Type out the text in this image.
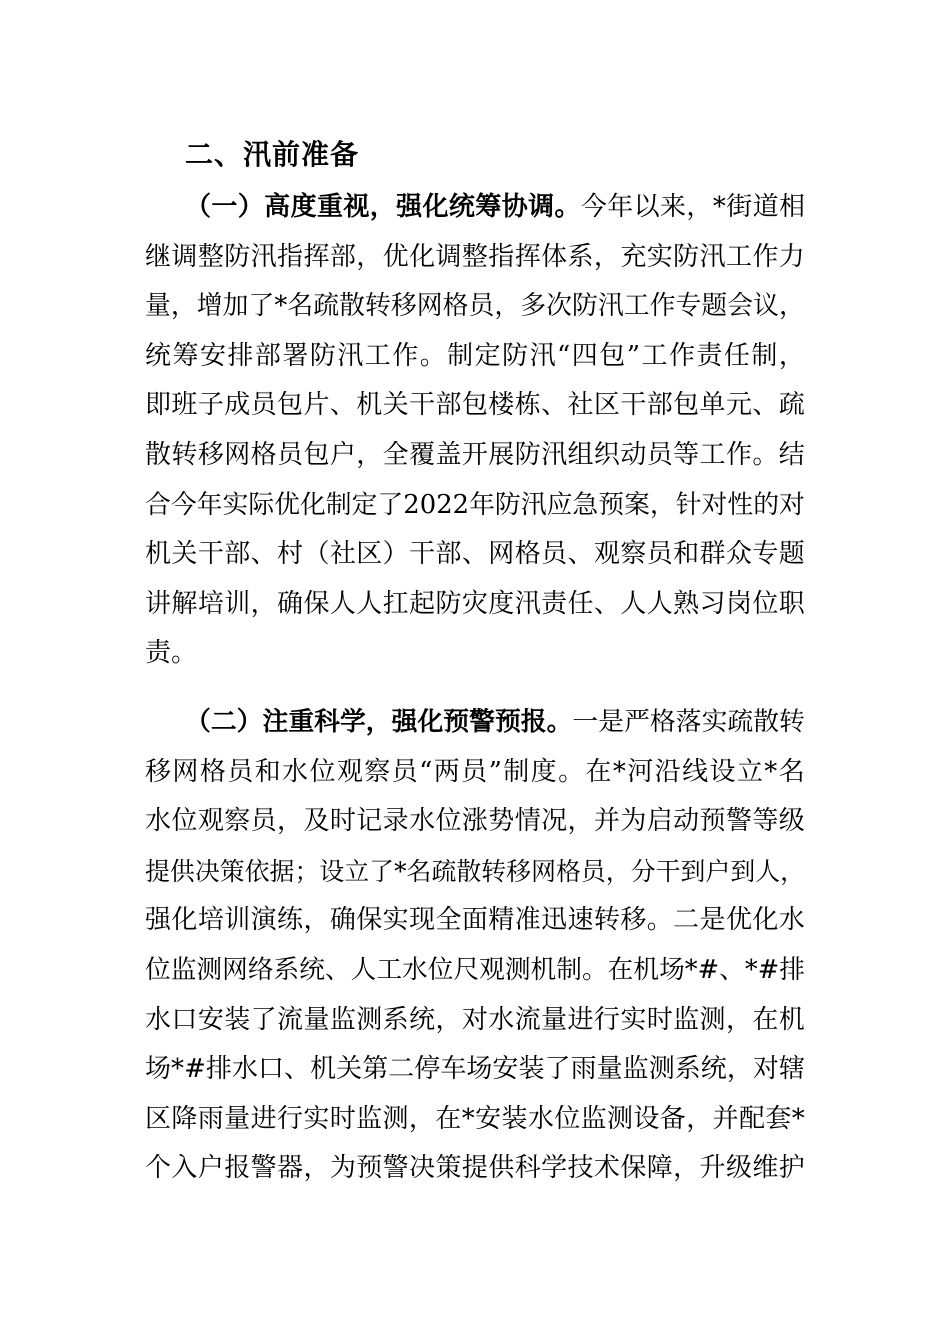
二、汛前准备
（ 一 ） 高 度 重 视 ， 强 化 统 筹 协 调 。 今 年 以 来 ， * 街 道 相
继 调 整 防 汛 指 挥 部 ， 优 化 调 整 指 挥 体 系 ， 充 实 防 汛 工 作 力
量 ， 增 加 了 * 名 疏 散 转 移 网 格 员 ， 多 次 防 汛 工 作 专 题 会 议 ，
统 筹 安 排 部 署 防 汛 工 作 。 制 定 防 汛 “ 四 包 ” 工 作 责 任 制 ，
即 班 子 成 员 包 片 、 机 关 干 部 包 楼 栋 、 社 区 干 部 包 单 元 、 疏
散 转 移 网 格 员 包 户 ， 全 覆 盖 开 展 防 汛 组 织 动 员 等 工 作 。 结
合 今 年 实 际 优 化 制 定 了 2 0 2 2 年 防 汛 应 急 预 案 ， 针 对 性 的 对
机 关 干 部 、 村 （ 社 区 ） 干 部 、 网 格 员 、 观 察 员 和 群 众 专 题
讲 解 培 训 ， 确 保 人 人 扛 起 防 灾 度 汛 责 任 、 人 人 熟 习 岗 位 职
责。
（ 二 ） 注 重 科 学 ， 强 化 预 警 预 报 。 一 是 严 格 落 实 疏 散 转
移 网 格 员 和 水 位 观 察 员 “ 两 员 ” 制 度 。 在 * 河 沿 线 设 立 * 名
水 位 观 察 员 ， 及 时 记 录 水 位 涨 势 情 况 ， 并 为 启 动 预 警 等 级
提 供 决 策 依 据 ； 设 立 了 * 名 疏 散 转 移 网 格 员 ， 分 干 到 户 到 人 ，
强 化 培 训 演 练 ， 确 保 实 现 全 面 精 准 迅 速 转 移 。 二 是 优 化 水
位 监 测 网 络 系 统 、 人 工 水 位 尺 观 测 机 制 。 在 机 场 * # 、 * # 排
水 口 安 装 了 流 量 监 测 系 统 ， 对 水 流 量 进 行 实 时 监 测 ， 在 机
场 * # 排 水 口 、 机 关 第 二 停 车 场 安 装 了 雨 量 监 测 系 统 ， 对 辖
区 降 雨 量 进 行 实 时 监 测 ， 在 * 安 装 水 位 监 测 设 备 ， 并 配 套 *
个 入 户 报 警 器 ， 为 预 警 决 策 提 供 科 学 技 术 保 障 ， 升 级 维 护
